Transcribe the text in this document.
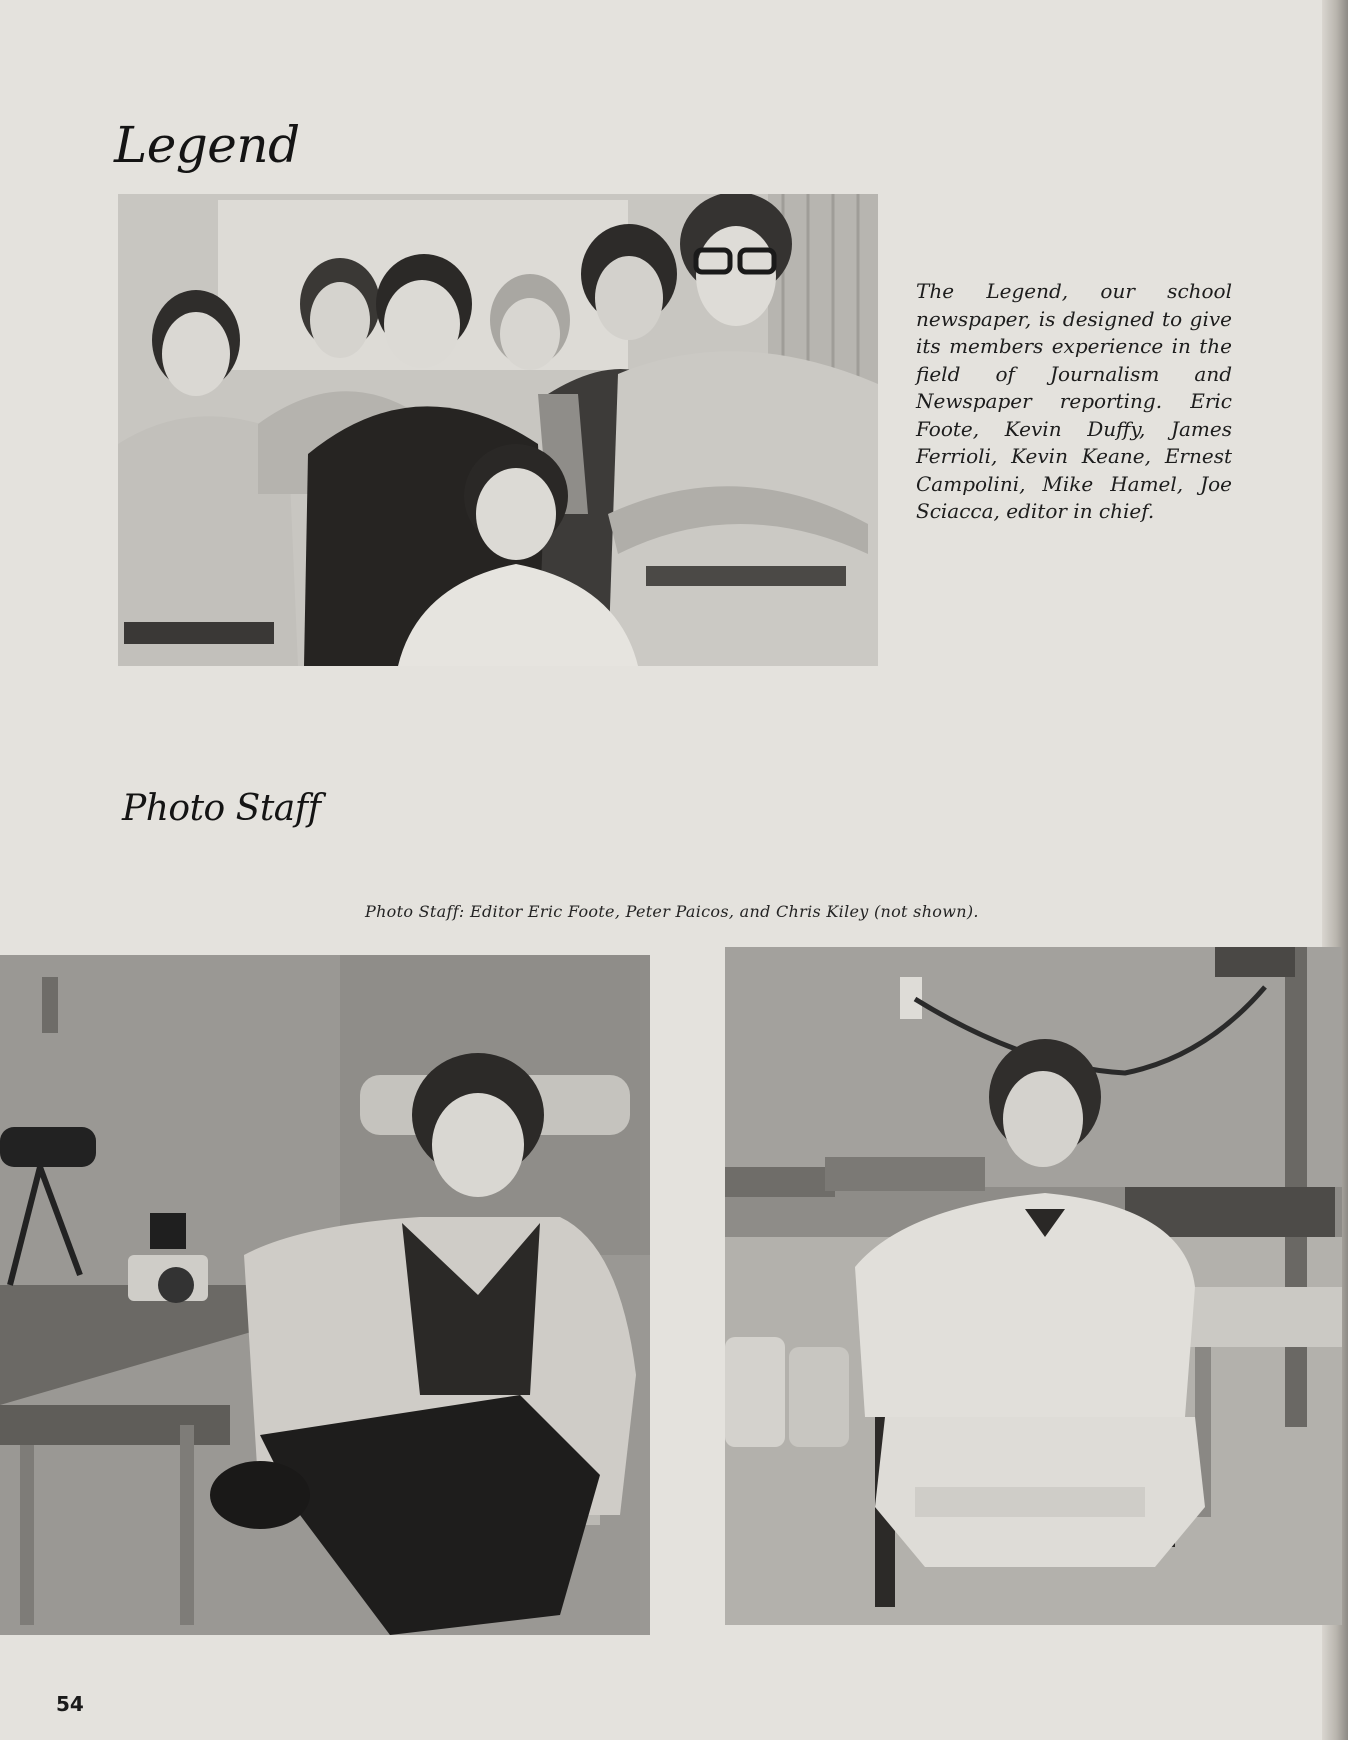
Legend
The Legend, our school newspaper, is designed to give its members experience in the field of Journalism and Newspaper reporting. Eric Foote, Kevin Duffy, James Ferrioli, Kevin Keane, Ernest Campolini, Mike Hamel, Joe Sciacca, editor in chief.
Photo Staff
Photo Staff: Editor Eric Foote, Peter Paicos, and Chris Kiley (not shown).
54
